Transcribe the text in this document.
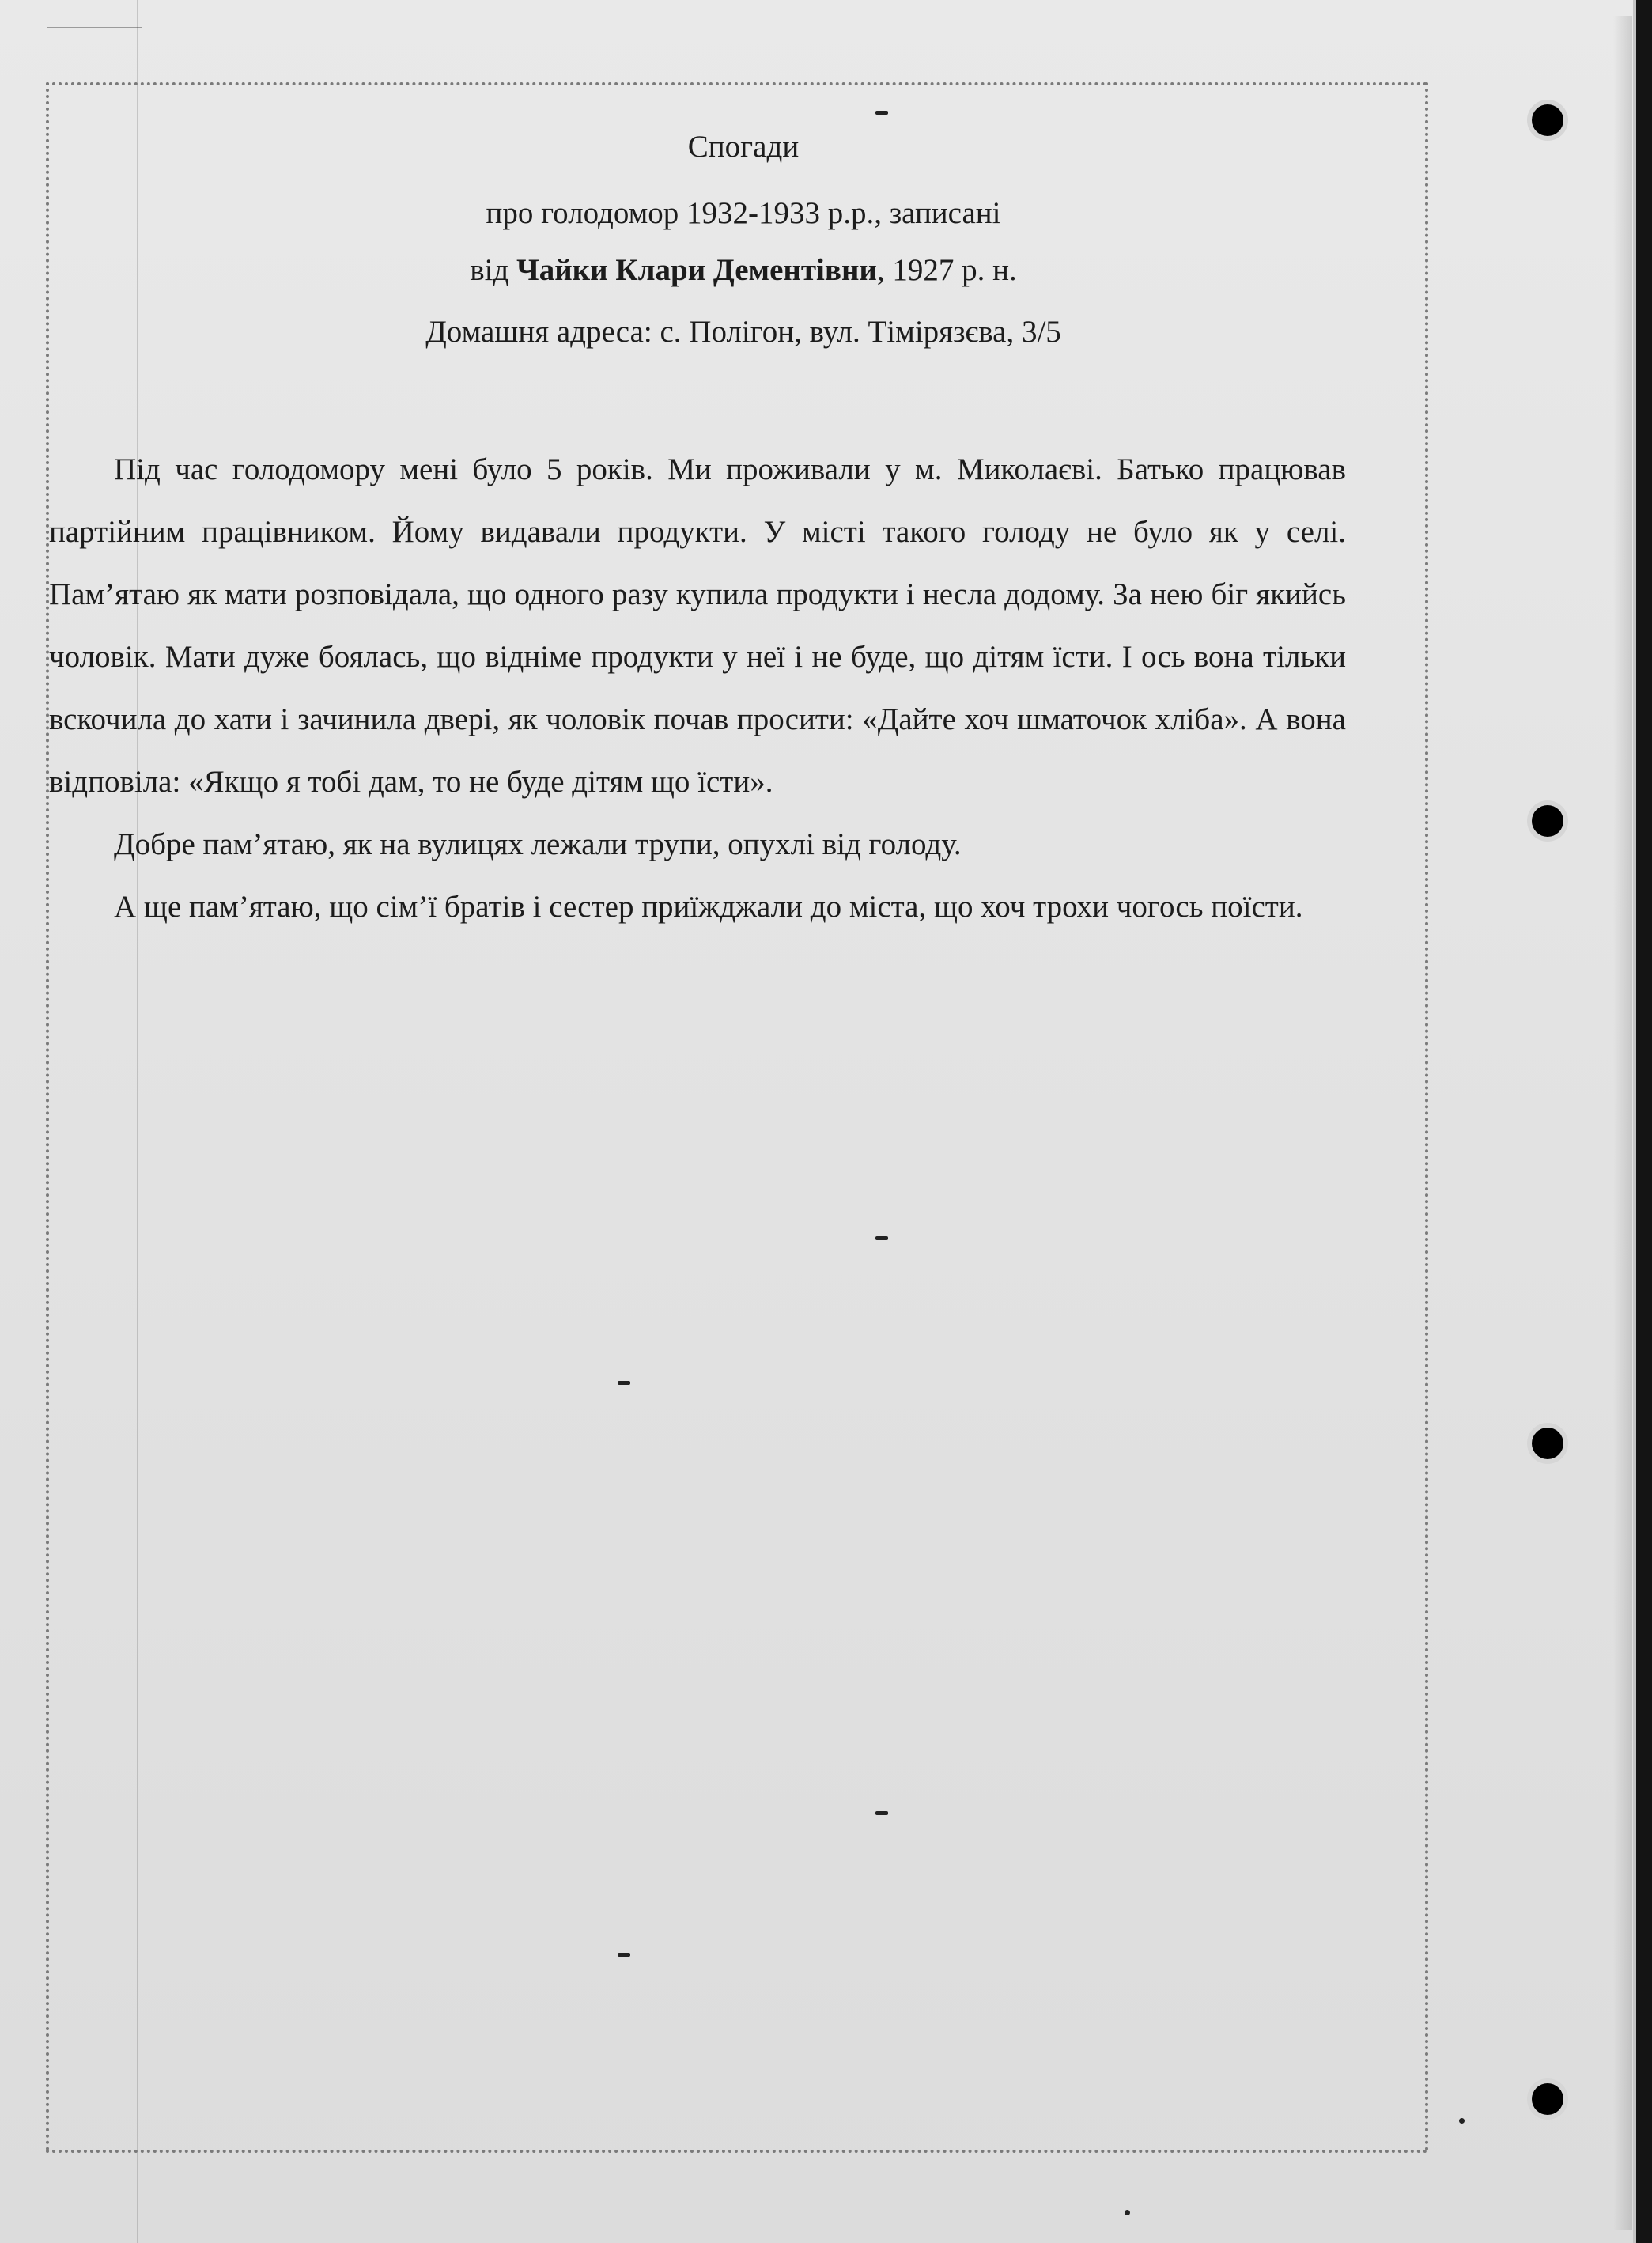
Спогади
про голодомор 1932-1933 р.р., записані
від Чайки Клари Дементівни, 1927 р. н.
Домашня адреса: с. Полігон, вул. Тімірязєва, 3/5

Під час голодомору мені було 5 років. Ми проживали у м. Миколаєві. Батько працював партійним працівником. Йому видавали продукти. У місті такого голоду не було як у селі. Пам’ятаю як мати розповідала, що одного разу купила продукти і несла додому. За нею біг якийсь чоловік. Мати дуже боялась, що відніме продукти у неї і не буде, що дітям їсти. І ось вона тільки вскочила до хати і зачинила двері, як чоловік почав просити: «Дайте хоч шматочок хліба». А вона відповіла: «Якщо я тобі дам, то не буде дітям що їсти».

Добре пам’ятаю, як на вулицях лежали трупи, опухлі від голоду.

А ще пам’ятаю, що сім’ї братів і сестер приїжджали до міста, що хоч трохи чогось поїсти.
